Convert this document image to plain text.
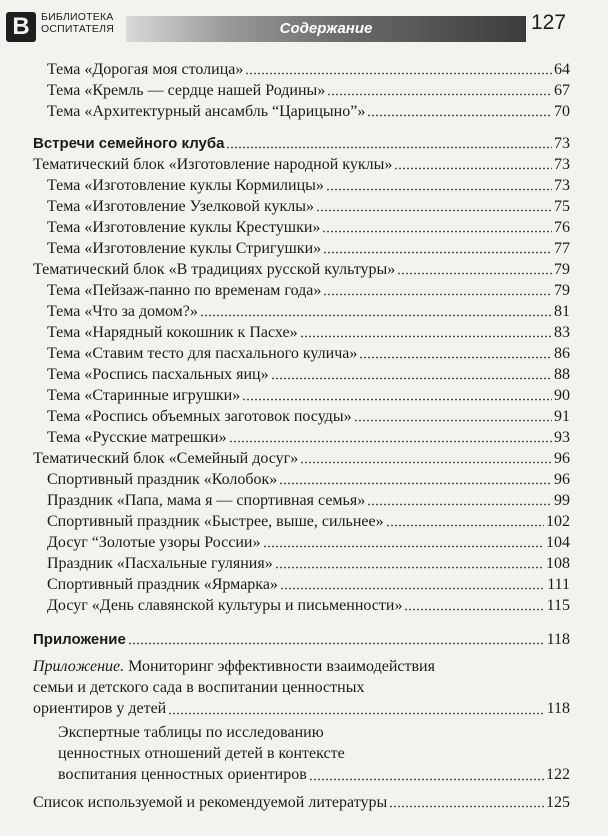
В	БИБЛИОТЕКА
ОСПИТАТЕЛЯ	Содержание	127
Тема «Дорогая моя столица»	64
Тема «Кремль — сердце нашей Родины»	67
Тема «Архитектурный ансамбль “Царицыно”»	70
Встречи семейного клуба	73
Тематический блок «Изготовление народной куклы»	73
Тема «Изготовление куклы Кормилицы»	73
Тема «Изготовление Узелковой куклы»	75
Тема «Изготовление куклы Крестушки»	76
Тема «Изготовление куклы Стригушки»	77
Тематический блок «В традициях русской культуры»	79
Тема «Пейзаж-панно по временам года»	79
Тема «Что за домом?»	81
Тема «Нарядный кокошник к Пасхе»	83
Тема «Ставим тесто для пасхального кулича»	86
Тема «Роспись пасхальных яиц»	88
Тема «Старинные игрушки»	90
Тема «Роспись объемных заготовок посуды»	91
Тема «Русские матрешки»	93
Тематический блок «Семейный досуг»	96
Спортивный праздник «Колобок»	96
Праздник «Папа, мама я — спортивная семья»	99
Спортивный праздник «Быстрее, выше, сильнее»	102
Досуг “Золотые узоры России»	104
Праздник «Пасхальные гуляния»	108
Спортивный праздник «Ярмарка»	111
Досуг «День славянской культуры и письменности»	115
Приложение	118
Приложение. Мониторинг эффективности взаимодействия
семьи и детского сада в воспитании ценностных
ориентиров у детей	118
Экспертные таблицы по исследованию
ценностных отношений детей в контексте
воспитания ценностных ориентиров	122
Список используемой и рекомендуемой литературы	125
